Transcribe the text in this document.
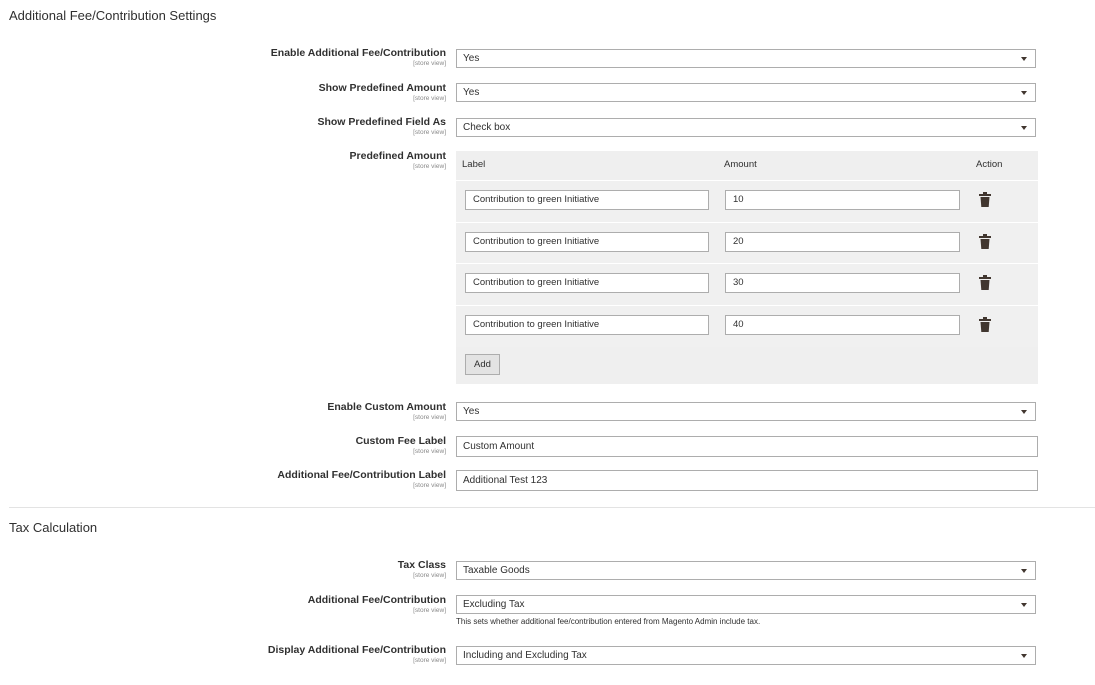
Additional Fee/Contribution Settings
Enable Additional Fee/Contribution
[store view]	Yes
Show Predefined Amount
[store view]
Yes
Show Predefined Field As
[store view]	Check box
Predefined Amount
[store view] Label	Amount	Action
Contribution to green Initiative	10
Contribution to green Initiative	20
Contribution to green Initiative	30
Contribution to green Initiative	40
Add
Enable Custom Amount
[store view]
Yes
Custom Fee Label
[store view]	Custom Amount
Additional Fee/Contribution Label
[store view]	Additional Test 123
Tax Calculation
Tax Class
[store view]	Taxable Goods
Additional Fee/Contribution
[store view]
Excluding Tax
This sets whether additional fee/contribution entered from Magento Admin include tax.
Display Additional Fee/Contribution
[store view]	Including and Excluding Tax
